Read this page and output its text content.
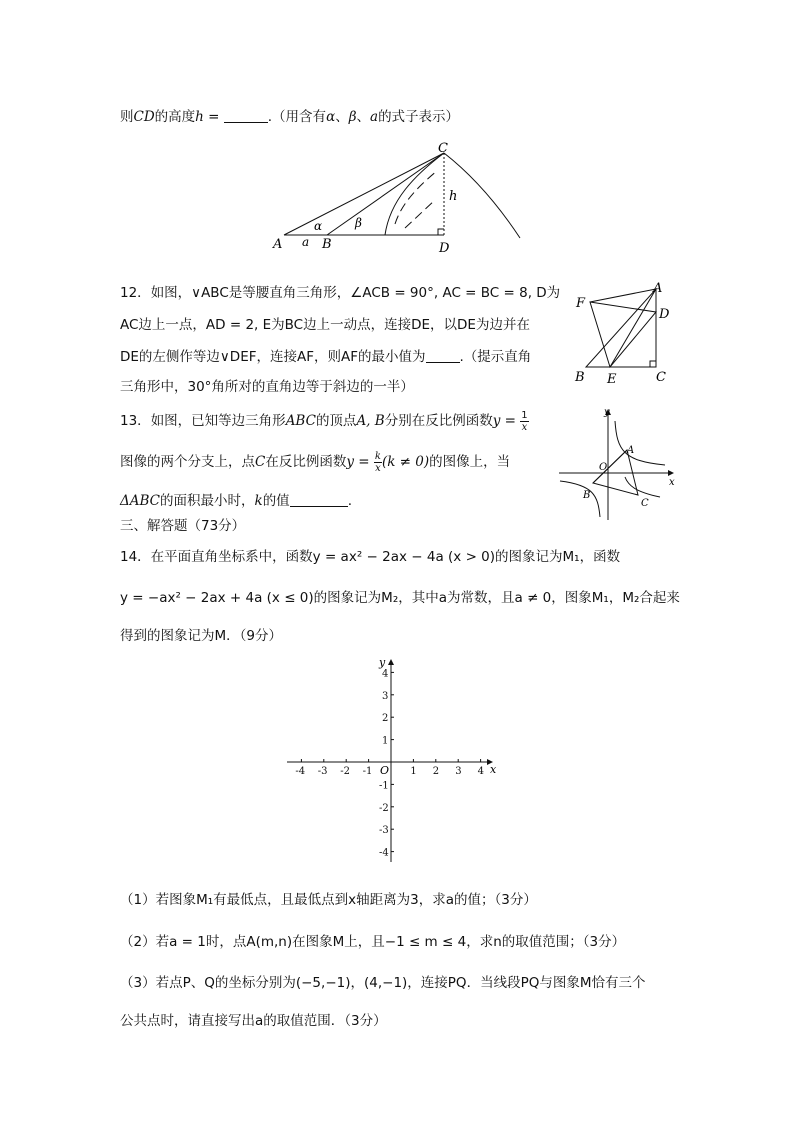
则CD的高度h =	.（用含有α、β、a的式子表示）
C
h
A a B	D
α	β
12．如图，∨ABC是等腰直角三角形，∠ACB = 90°, AC = BC = 8, D为
AC边上一点，AD = 2, E为BC边上一动点，连接DE，以DE为边并在
DE的左侧作等边∨DEF，连接AF，则AF的最小值为	.（提示直角
三角形中，30°角所对的直角边等于斜边的一半）
F
A
D
B E	C
13．如图，已知等边三角形ABC的顶点A, B分别在反比例函数$y = \frac{1}{x}$
图像的两个分支上，点C在反比例函数$y = \frac{k}{x} (k \ne 0)$的图像上，当
ΔABC的面积最小时，k的值	.
y
x
O
A
B
C
三、解答题（73分）
14．在平面直角坐标系中，函数y = ax² − 2ax − 4a (x > 0)的图象记为M₁，函数
y = −ax² − 2ax + 4a (x ≤ 0)的图象记为M₂，其中a为常数，且a ≠ 0，图象M₁，M₂合起来
得到的图象记为M．（9分）
-4 -3 -2 -1	1 2 3 4
4
3
2
1
-1
-2
-3
-4
O	x
y
（1）若图象M₁有最低点，且最低点到x轴距离为3，求a的值；（3分）
（2）若a = 1时，点A(m,n)在图象M上，且−1 ≤ m ≤ 4，求n的取值范围；（3分）
（3）若点P、Q的坐标分别为(−5,−1)，(4,−1)，连接PQ．当线段PQ与图象M恰有三个
公共点时，请直接写出a的取值范围．（3分）
